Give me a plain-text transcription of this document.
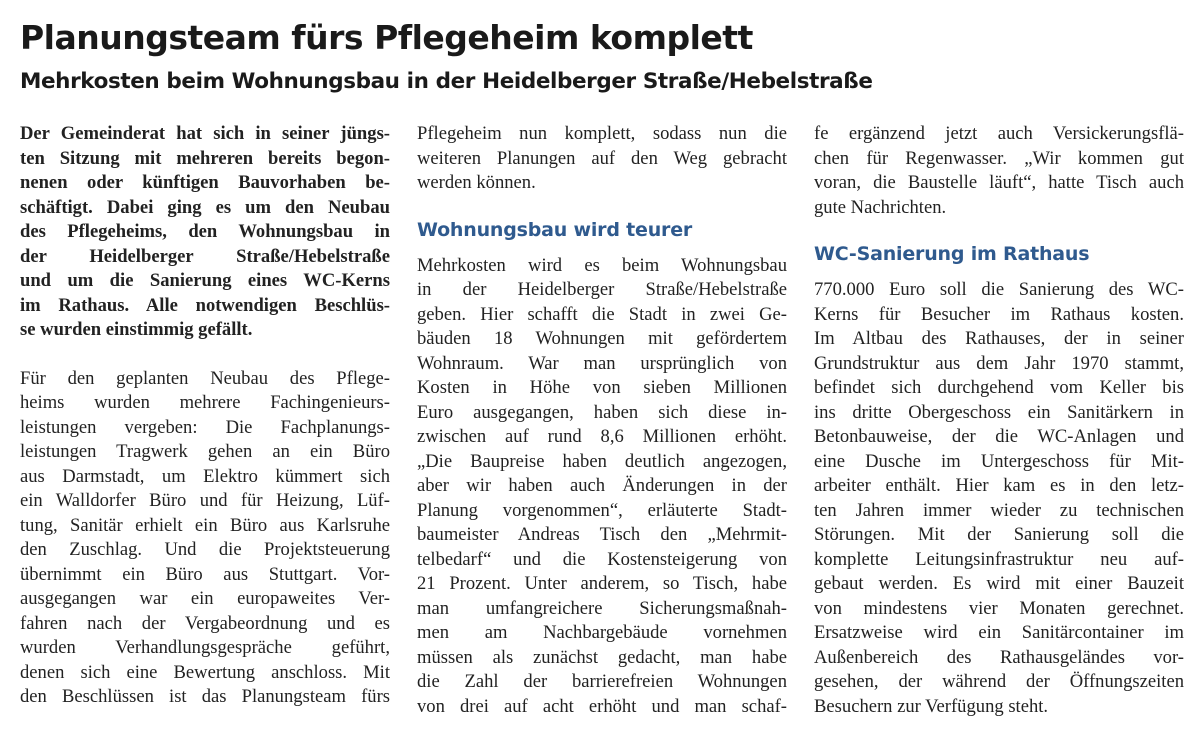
Planungsteam fürs Pflegeheim komplett
Mehrkosten beim Wohnungsbau in der Heidelberger Straße/Hebelstraße
Der Gemeinderat hat sich in seiner jüngs-
ten Sitzung mit mehreren bereits begon-
nenen oder künftigen Bauvorhaben be-
schäftigt. Dabei ging es um den Neubau
des Pflegeheims, den Wohnungsbau in
der Heidelberger Straße/Hebelstraße
und um die Sanierung eines WC-Kerns
im Rathaus. Alle notwendigen Beschlüs-
se wurden einstimmig gefällt.
Für den geplanten Neubau des Pflege-
heims wurden mehrere Fachingenieurs-
leistungen vergeben: Die Fachplanungs-
leistungen Tragwerk gehen an ein Büro
aus Darmstadt, um Elektro kümmert sich
ein Walldorfer Büro und für Heizung, Lüf-
tung, Sanitär erhielt ein Büro aus Karlsruhe
den Zuschlag. Und die Projektsteuerung
übernimmt ein Büro aus Stuttgart. Vor-
ausgegangen war ein europaweites Ver-
fahren nach der Vergabeordnung und es
wurden Verhandlungsgespräche geführt,
denen sich eine Bewertung anschloss. Mit
den Beschlüssen ist das Planungsteam fürs
Pflegeheim nun komplett, sodass nun die
weiteren Planungen auf den Weg gebracht
werden können.
Wohnungsbau wird teurer
Mehrkosten wird es beim Wohnungsbau
in der Heidelberger Straße/Hebelstraße
geben. Hier schafft die Stadt in zwei Ge-
bäuden 18 Wohnungen mit gefördertem
Wohnraum. War man ursprünglich von
Kosten in Höhe von sieben Millionen
Euro ausgegangen, haben sich diese in-
zwischen auf rund 8,6 Millionen erhöht.
„Die Baupreise haben deutlich angezogen,
aber wir haben auch Änderungen in der
Planung vorgenommen“, erläuterte Stadt-
baumeister Andreas Tisch den „Mehrmit-
telbedarf“ und die Kostensteigerung von
21 Prozent. Unter anderem, so Tisch, habe
man umfangreichere Sicherungsmaßnah-
men am Nachbargebäude vornehmen
müssen als zunächst gedacht, man habe
die Zahl der barrierefreien Wohnungen
von drei auf acht erhöht und man schaf-
fe ergänzend jetzt auch Versickerungsflä-
chen für Regenwasser. „Wir kommen gut
voran, die Baustelle läuft“, hatte Tisch auch
gute Nachrichten.
WC-Sanierung im Rathaus
770.000 Euro soll die Sanierung des WC-
Kerns für Besucher im Rathaus kosten.
Im Altbau des Rathauses, der in seiner
Grundstruktur aus dem Jahr 1970 stammt,
befindet sich durchgehend vom Keller bis
ins dritte Obergeschoss ein Sanitärkern in
Betonbauweise, der die WC-Anlagen und
eine Dusche im Untergeschoss für Mit-
arbeiter enthält. Hier kam es in den letz-
ten Jahren immer wieder zu technischen
Störungen. Mit der Sanierung soll die
komplette Leitungsinfrastruktur neu auf-
gebaut werden. Es wird mit einer Bauzeit
von mindestens vier Monaten gerechnet.
Ersatzweise wird ein Sanitärcontainer im
Außenbereich des Rathausgeländes vor-
gesehen, der während der Öffnungszeiten
Besuchern zur Verfügung steht.
